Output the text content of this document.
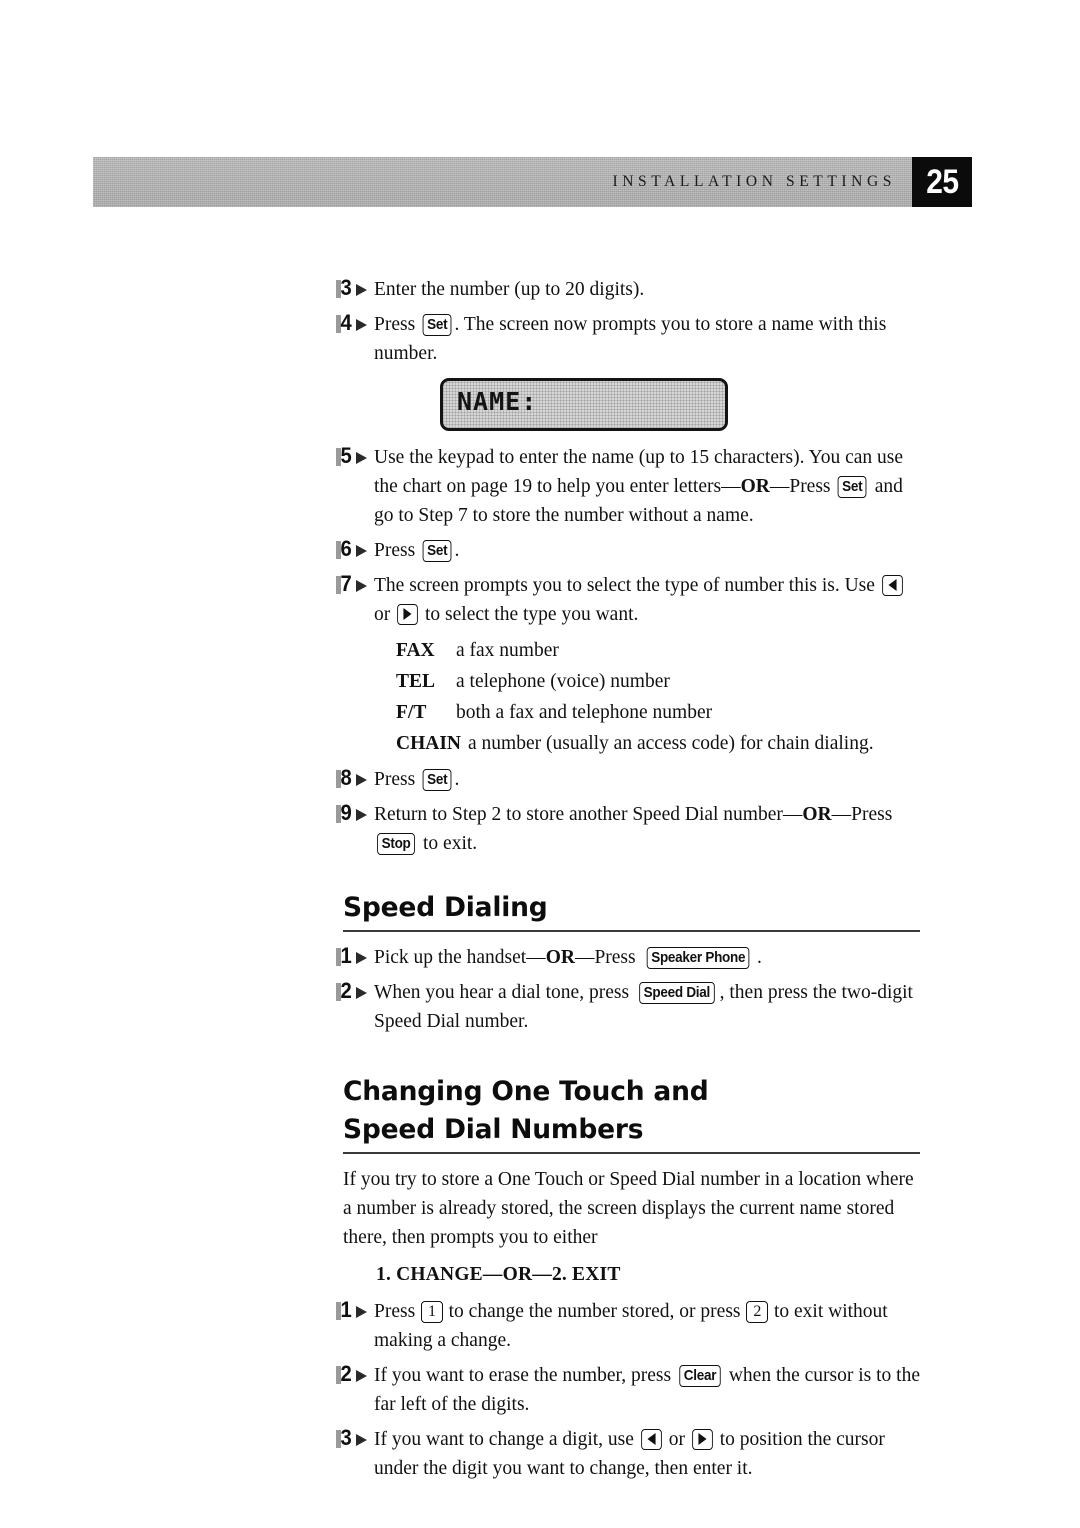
INSTALLATION SETTINGS 25
3 Enter the number (up to 20 digits).
4 Press Set . The screen now prompts you to store a name with this number.
NAME:
5 Use the keypad to enter the name (up to 15 characters). You can use the chart on page 19 to help you enter letters—OR—Press Set and go to Step 7 to store the number without a name.
6 Press Set .
7 The screen prompts you to select the type of number this is. Use  or  to select the type you want.
FAX	a fax number
TEL	a telephone (voice) number
F/T	both a fax and telephone number
CHAIN a number (usually an access code) for chain dialing.
8 Press Set .
9 Return to Step 2 to store another Speed Dial number—OR—Press Stop to exit.
Speed Dialing
1 Pick up the handset—OR—Press Speaker Phone .
2 When you hear a dial tone, press Speed Dial , then press the two-digit Speed Dial number.
Changing One Touch and
Speed Dial Numbers

If you try to store a One Touch or Speed Dial number in a location where a number is already stored, the screen displays the current name stored there, then prompts you to either

1. CHANGE—OR—2. EXIT
1 Press 1 to change the number stored, or press 2 to exit without making a change.
2 If you want to erase the number, press Clear when the cursor is to the far left of the digits.
3 If you want to change a digit, use  or  to position the cursor under the digit you want to change, then enter it.
